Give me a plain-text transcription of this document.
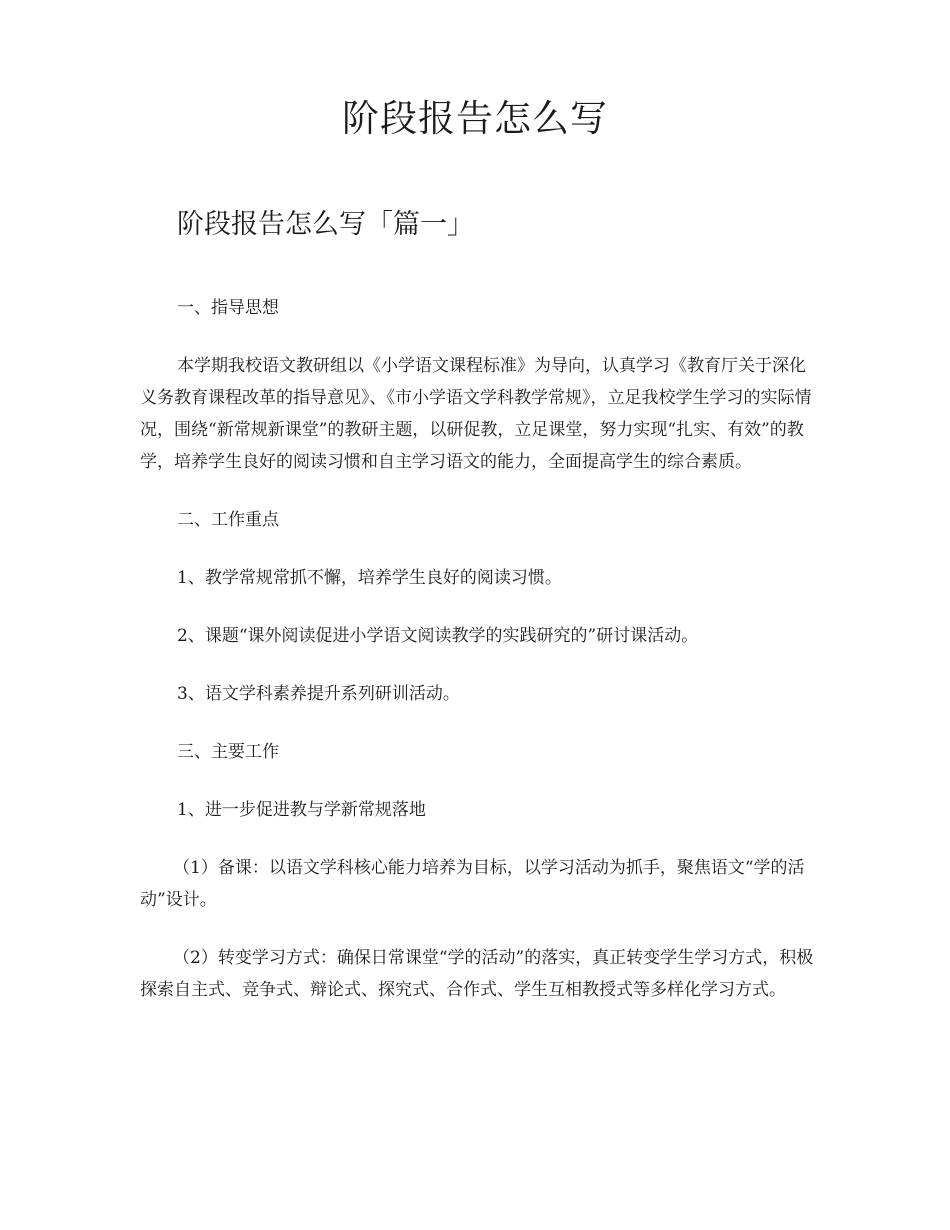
阶段报告怎么写
阶段报告怎么写「篇一」

一、指导思想

本学期我校语文教研组以《小学语文课程标准》为导向，认真学习《教育厅关于深化义务教育课程改革的指导意见》、《市小学语文学科教学常规》，立足我校学生学习的实际情况，围绕“新常规新课堂”的教研主题，以研促教，立足课堂，努力实现“扎实、有效”的教学，培养学生良好的阅读习惯和自主学习语文的能力，全面提高学生的综合素质。

二、工作重点

1、教学常规常抓不懈，培养学生良好的阅读习惯。

2、课题“课外阅读促进小学语文阅读教学的实践研究的”研讨课活动。

3、语文学科素养提升系列研训活动。

三、主要工作

1、进一步促进教与学新常规落地

（1）备课：以语文学科核心能力培养为目标，以学习活动为抓手，聚焦语文“学的活动”设计。

（2）转变学习方式：确保日常课堂“学的活动”的落实，真正转变学生学习方式，积极探索自主式、竞争式、辩论式、探究式、合作式、学生互相教授式等多样化学习方式。
